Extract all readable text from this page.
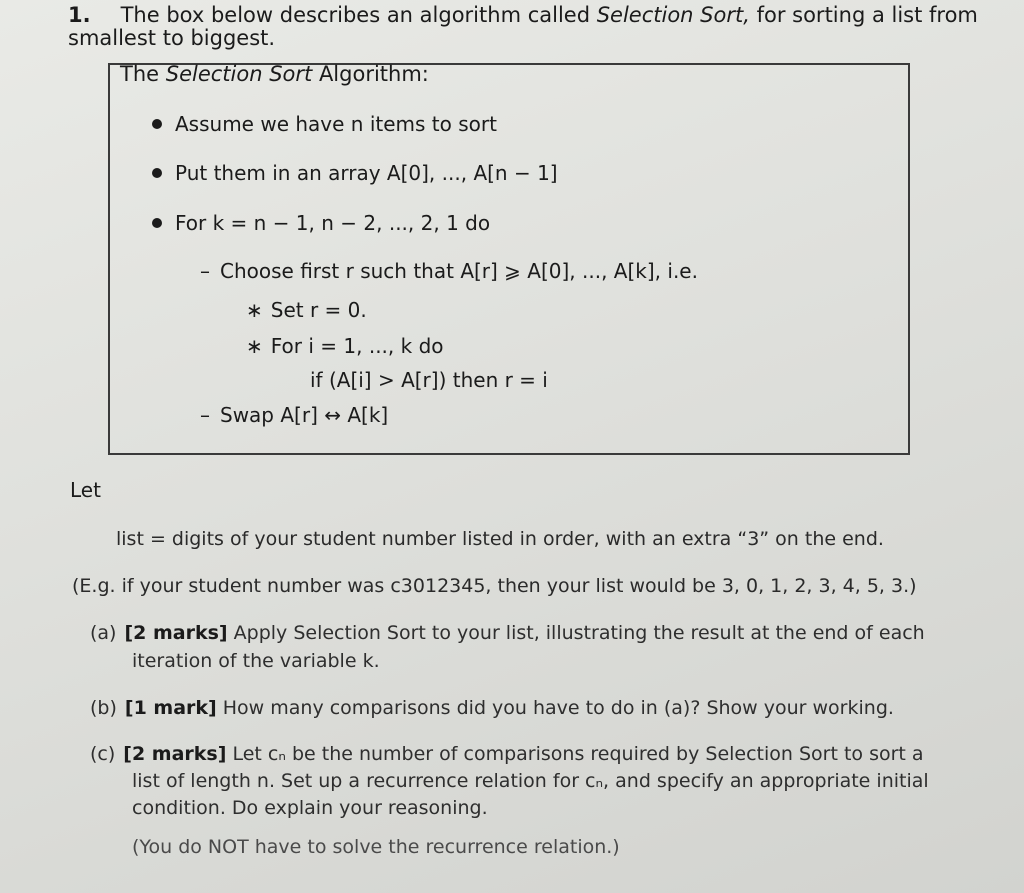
1. The box below describes an algorithm called Selection Sort, for sorting a list from
smallest to biggest.
The Selection Sort Algorithm:
Assume we have n items to sort
Put them in an array A[0], ..., A[n − 1]
For k = n − 1, n − 2, ..., 2, 1 do
– Choose first r such that A[r] ⩾ A[0], ..., A[k], i.e.
∗ Set r = 0.
∗ For i = 1, ..., k do
if (A[i] > A[r]) then r = i
– Swap A[r] ↔ A[k]
Let
list = digits of your student number listed in order, with an extra “3” on the end.
(E.g. if your student number was c3012345, then your list would be 3, 0, 1, 2, 3, 4, 5, 3.)
(a) [2 marks] Apply Selection Sort to your list, illustrating the result at the end of each
iteration of the variable k.
(b) [1 mark] How many comparisons did you have to do in (a)? Show your working.
(c) [2 marks] Let cₙ be the number of comparisons required by Selection Sort to sort a
list of length n. Set up a recurrence relation for cₙ, and specify an appropriate initial
condition. Do explain your reasoning.
(You do NOT have to solve the recurrence relation.)
